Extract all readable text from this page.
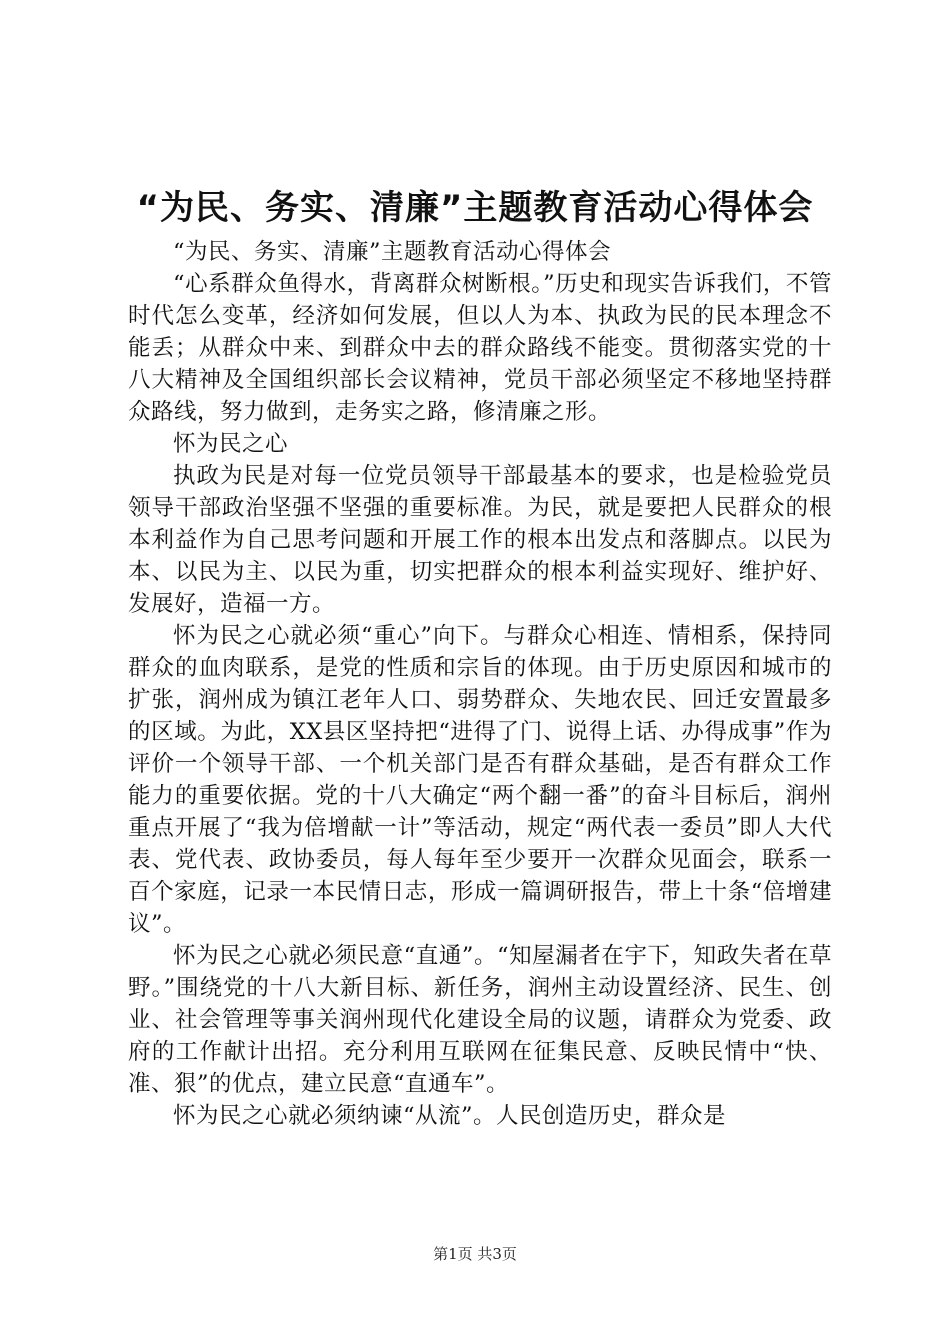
“为民、务实、清廉”主题教育活动心得体会

“为民、务实、清廉”主题教育活动心得体会

“心系群众鱼得水，背离群众树断根。”历史和现实告诉我们，不管时代怎么变革，经济如何发展，但以人为本、执政为民的民本理念不能丢；从群众中来、到群众中去的群众路线不能变。贯彻落实党的十八大精神及全国组织部长会议精神，党员干部必须坚定不移地坚持群众路线，努力做到，走务实之路，修清廉之形。

怀为民之心

执政为民是对每一位党员领导干部最基本的要求，也是检验党员领导干部政治坚强不坚强的重要标准。为民，就是要把人民群众的根本利益作为自己思考问题和开展工作的根本出发点和落脚点。以民为本、以民为主、以民为重，切实把群众的根本利益实现好、维护好、发展好，造福一方。

怀为民之心就必须“重心”向下。与群众心相连、情相系，保持同群众的血肉联系，是党的性质和宗旨的体现。由于历史原因和城市的扩张，润州成为镇江老年人口、弱势群众、失地农民、回迁安置最多的区域。为此，XX县区坚持把“进得了门、说得上话、办得成事”作为评价一个领导干部、一个机关部门是否有群众基础，是否有群众工作能力的重要依据。党的十八大确定“两个翻一番”的奋斗目标后，润州重点开展了“我为倍增献一计”等活动，规定“两代表一委员”即人大代表、党代表、政协委员，每人每年至少要开一次群众见面会，联系一百个家庭，记录一本民情日志，形成一篇调研报告，带上十条“倍增建议”。

怀为民之心就必须民意“直通”。“知屋漏者在宇下，知政失者在草野。”围绕党的十八大新目标、新任务，润州主动设置经济、民生、创业、社会管理等事关润州现代化建设全局的议题，请群众为党委、政府的工作献计出招。充分利用互联网在征集民意、反映民情中“快、准、狠”的优点，建立民意“直通车”。

怀为民之心就必须纳谏“从流”。人民创造历史，群众是

第1页 共3页
